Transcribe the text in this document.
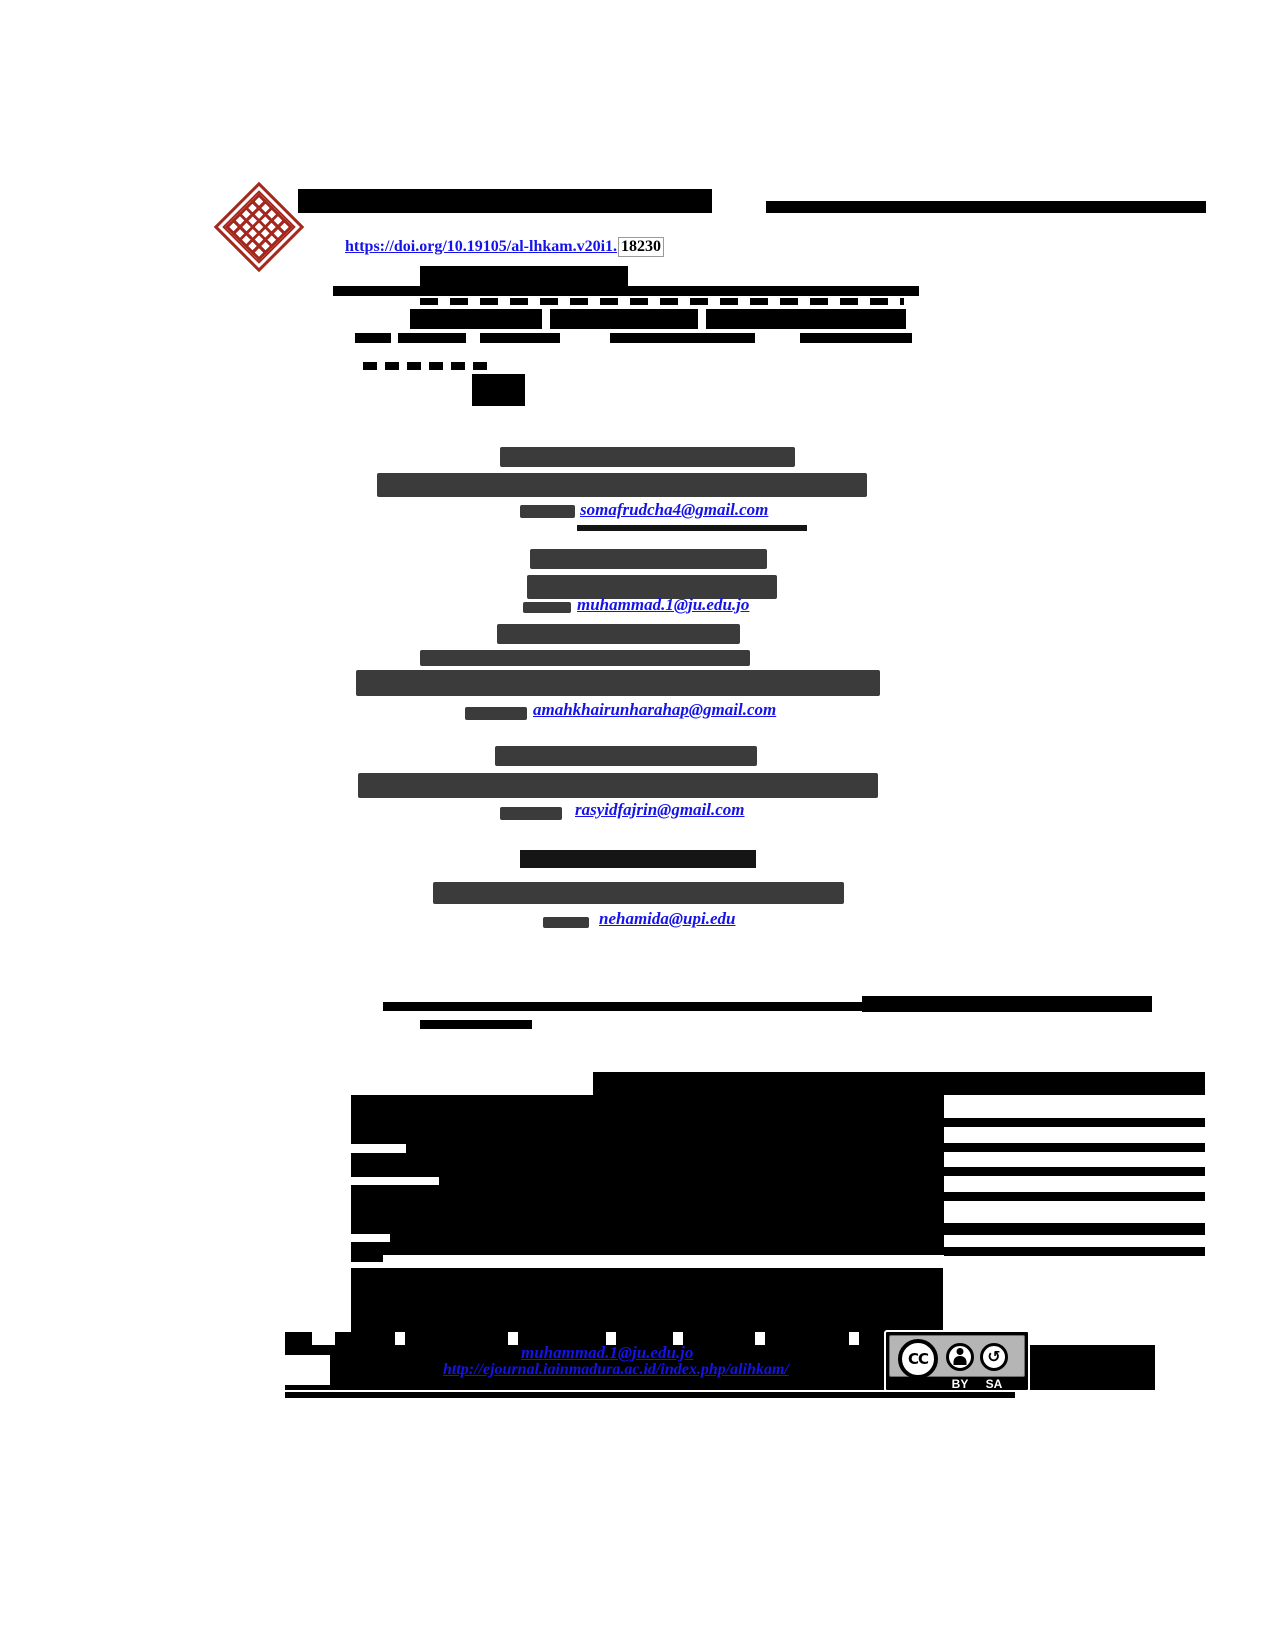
https://doi.org/10.19105/al-lhkam.v20i1. 18230
somafrudcha4@gmail.com
muhammad.1@ju.edu.jo
amahkhairunharahap@gmail.com
rasyidfajrin@gmail.com
nehamida@upi.edu
muhammad.1@ju.edu.jo
http://ejournal.iainmadura.ac.id/index.php/alihkam/
CC	↺
BY	SA
